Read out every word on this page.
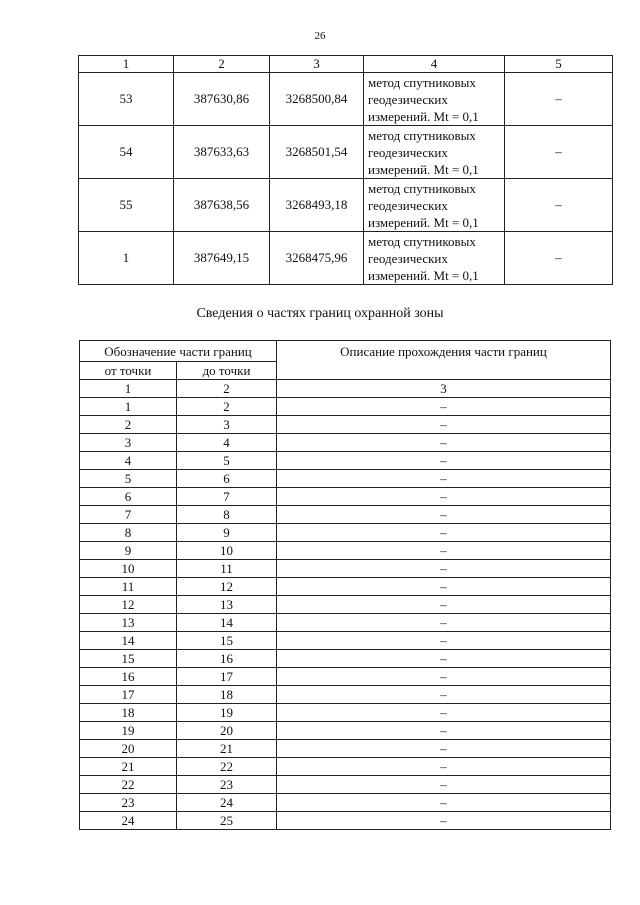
26
1	2	3	4	5
53	387630,86	3268500,84	метод спутниковых
геодезических
измерений. Mt = 0,1	–
54	387633,63	3268501,54	метод спутниковых
геодезических
измерений. Mt = 0,1	–
55	387638,56	3268493,18	метод спутниковых
геодезических
измерений. Mt = 0,1	–
1	387649,15	3268475,96	метод спутниковых
геодезических
измерений. Mt = 0,1	–
Сведения о частях границ охранной зоны
Обозначение части границ		Описание прохождения части границ
от точки	до точки	
1	2	3
1	2	–
2	3	–
3	4	–
4	5	–
5	6	–
6	7	–
7	8	–
8	9	–
9	10	–
10	11	–
11	12	–
12	13	–
13	14	–
14	15	–
15	16	–
16	17	–
17	18	–
18	19	–
19	20	–
20	21	–
21	22	–
22	23	–
23	24	–
24	25	–
